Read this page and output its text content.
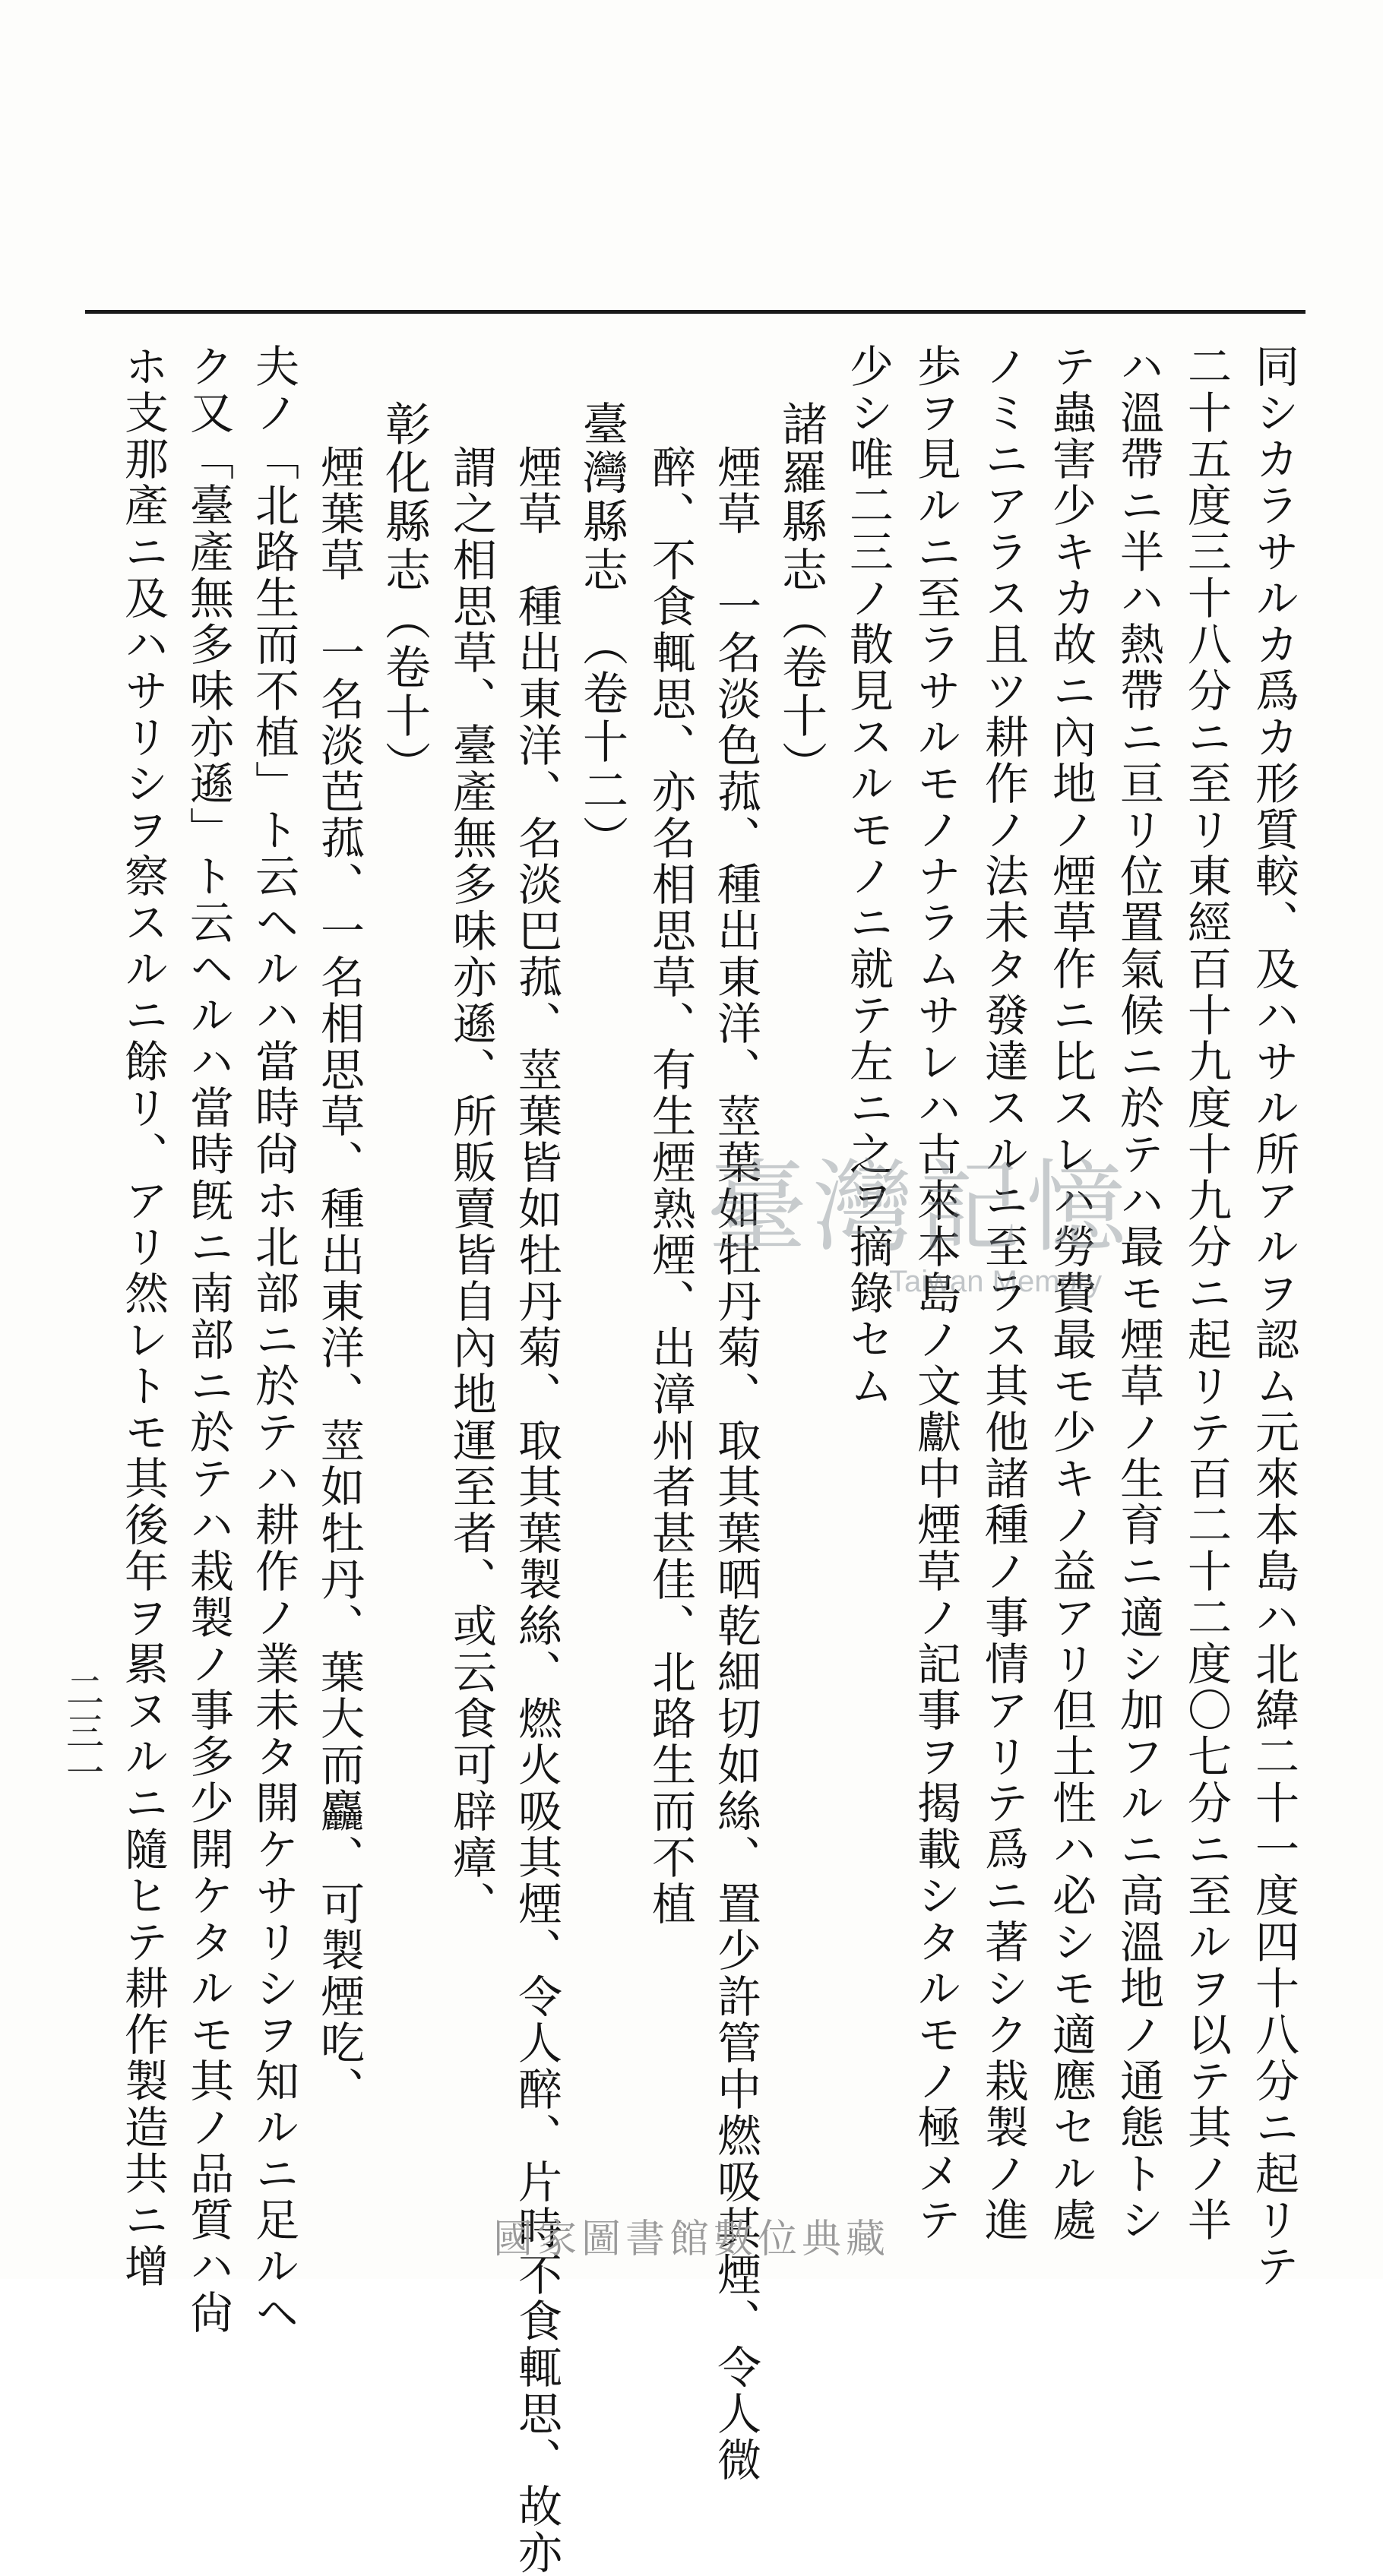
同シカラサルカ爲カ形質較、及ハサル所アルヲ認ム元來本島ハ北緯二十一度四十八分ニ起リテ
二十五度三十八分ニ至リ東經百十九度十九分ニ起リテ百二十二度〇七分ニ至ルヲ以テ其ノ半
ハ溫帶ニ半ハ熱帶ニ亘リ位置氣候ニ於テハ最モ煙草ノ生育ニ適シ加フルニ高溫地ノ通態トシ
テ蟲害少キカ故ニ內地ノ煙草作ニ比スレハ勞費最モ少キノ益アリ但土性ハ必シモ適應セル處
ノミニアラス且ツ耕作ノ法未タ發達スルニ至ラス其他諸種ノ事情アリテ爲ニ著シク栽製ノ進
歩ヲ見ルニ至ラサルモノナラムサレハ古來本島ノ文獻中煙草ノ記事ヲ揭載シタルモノ極メテ
少シ唯二三ノ散見スルモノニ就テ左ニ之ヲ摘錄セム
諸羅縣志（卷十）
煙草　一名淡色菰、種出東洋、莖葉如牡丹菊、取其葉晒乾細切如絲、置少許管中燃吸其煙、令人微
醉、不食輒思、亦名相思草、有生煙熟煙、出漳州者甚佳、北路生而不植
臺灣縣志　（卷十二）
煙草　種出東洋、名淡巴菰、莖葉皆如牡丹菊、取其葉製絲、燃火吸其煙、令人醉、片時不食輒思、故亦
謂之相思草、臺產無多味亦遜、所販賣皆自內地運至者、或云食可辟瘴、
彰化縣志（卷十）
煙葉草　一名淡芭菰、一名相思草、種出東洋、莖如牡丹、葉大而麤、可製煙吃、
夫ノ「北路生而不植」ト云ヘルハ當時尙ホ北部ニ於テハ耕作ノ業未タ開ケサリシヲ知ルニ足ルヘ
ク又「臺產無多味亦遜」ト云ヘルハ當時旣ニ南部ニ於テハ栽製ノ事多少開ケタルモ其ノ品質ハ尙
ホ支那產ニ及ハサリシヲ察スルニ餘リ、アリ然レトモ其後年ヲ累ヌルニ隨ヒテ耕作製造共ニ增
二三一
臺灣記憶
Taiwan Memory
國家圖書館數位典藏
